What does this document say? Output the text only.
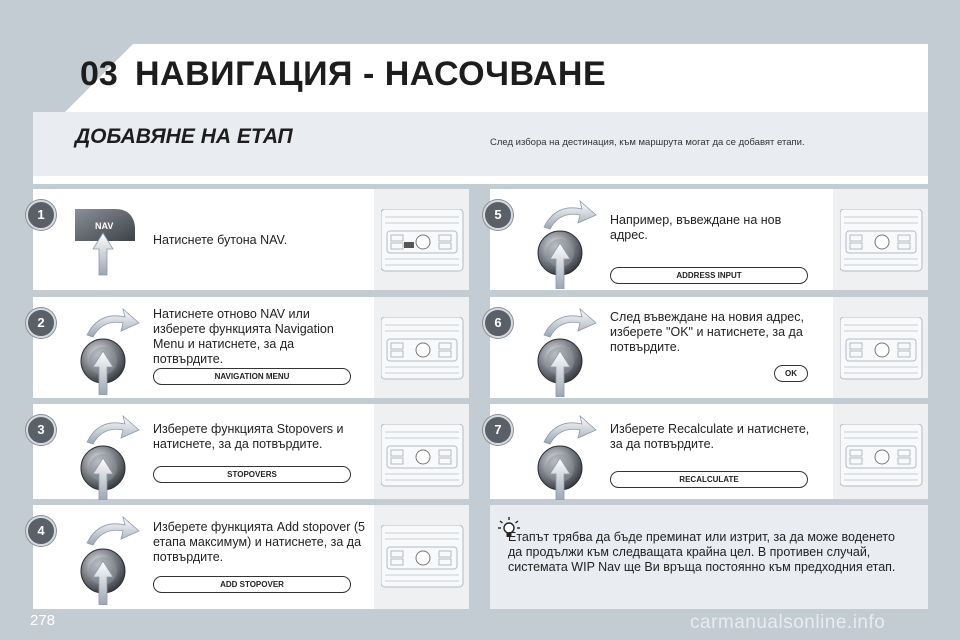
03 НАВИГАЦИЯ - НАСОЧВАНЕ
ДОБАВЯНЕ НА ЕТАП	След избора на дестинация, към маршрута могат да се добавят етапи.
1
NAV
Натиснете бутона NAV.
2
Натиснете отново NAV или изберете функцията Navigation Menu и натиснете, за да потвърдите.
NAVIGATION MENU
3	Изберете функцията Stopovers и натиснете, за да потвърдите.
STOPOVERS
4	Изберете функцията Add stopover (5 етапа максимум) и натиснете, за да потвърдите.
ADD STOPOVER
5	Например, въвеждане на нов адрес.
ADDRESS INPUT
6	След въвеждане на новия адрес, изберете "OK" и натиснете, за да потвърдите.
OK
7	Изберете Recalculate и натиснете, за да потвърдите.
RECALCULATE
Етапът трябва да бъде преминат или изтрит, за да може воденето да продължи към следващата крайна цел. В противен случай, системата WIP Nav ще Ви връща постоянно към предходния етап.
278	carmanualsonline.info
